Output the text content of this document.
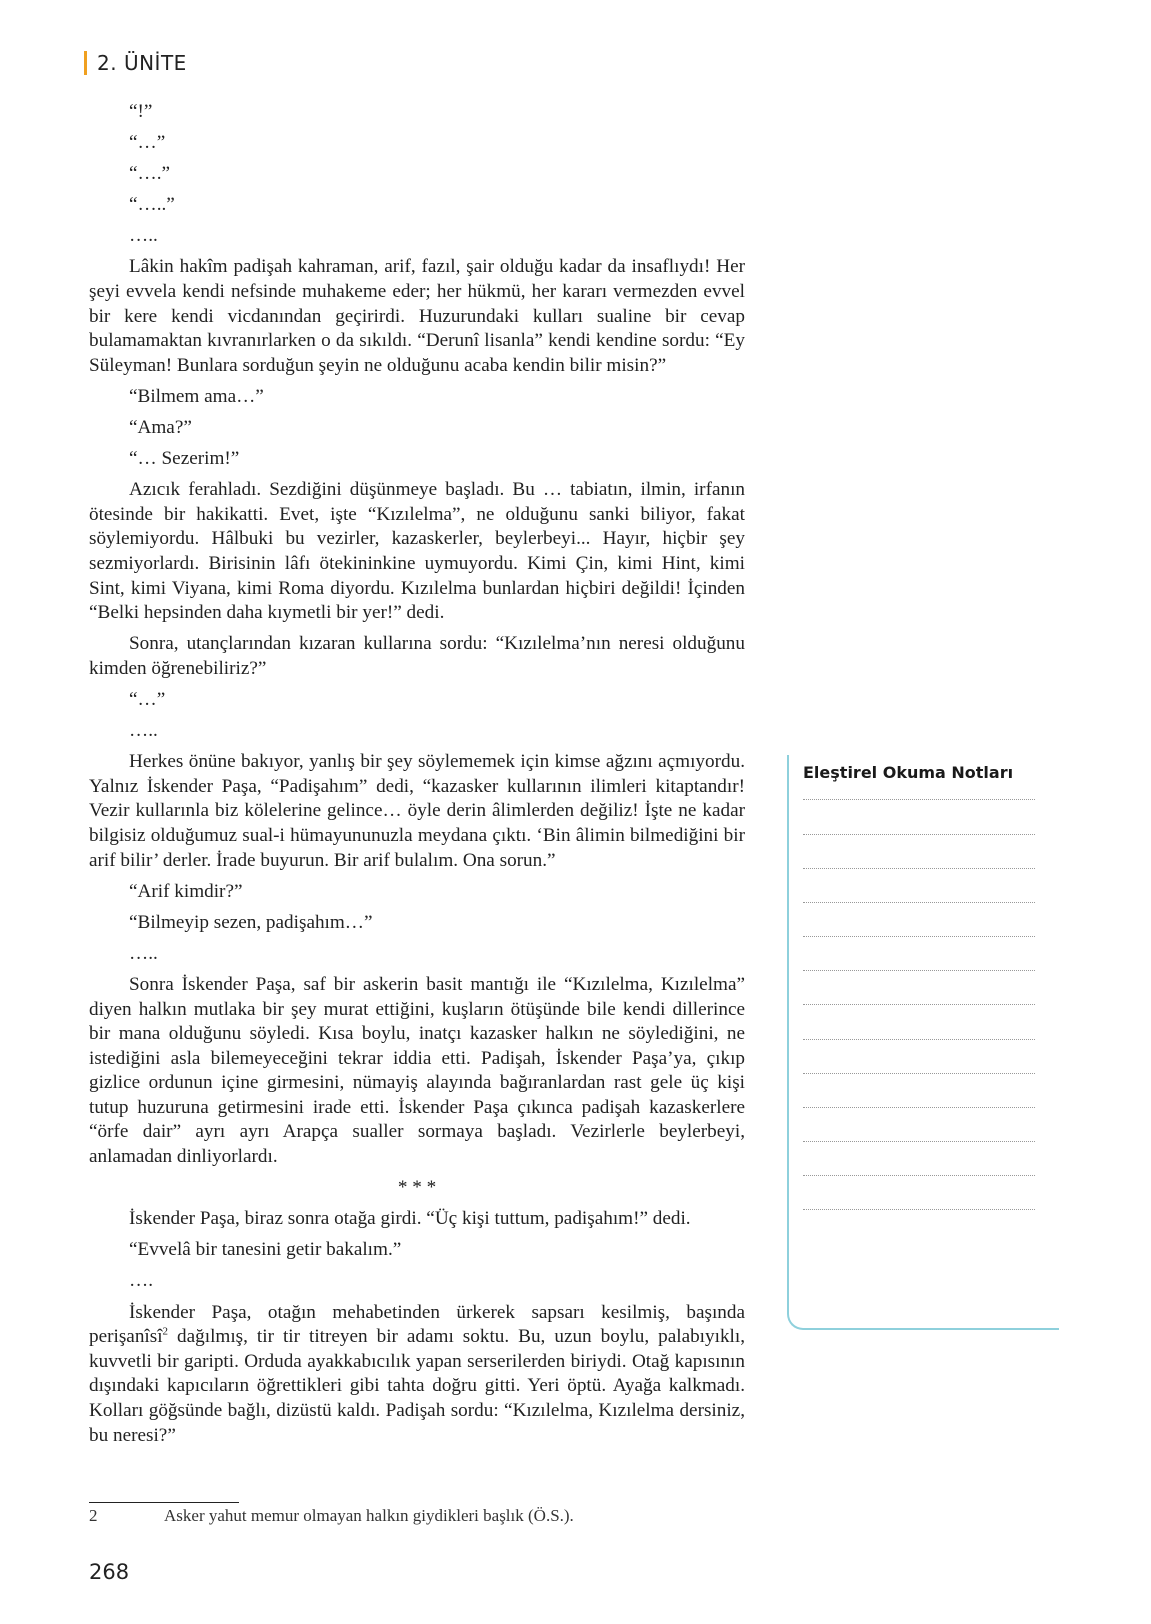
2. ÜNİTE

“!”

“…”

“….”

“…..”

…..

Lâkin hakîm padişah kahraman, arif, fazıl, şair olduğu kadar da insaflıydı! Her şeyi evvela kendi nefsinde muhakeme eder; her hükmü, her kararı vermezden evvel bir kere kendi vicdanından geçirirdi. Huzurundaki kulları sualine bir cevap bulamamaktan kıvranırlarken o da sıkıldı. “Derunî lisanla” kendi kendine sordu: “Ey Süleyman! Bunlara sorduğun şeyin ne olduğunu acaba kendin bilir misin?”

“Bilmem ama…”

“Ama?”

“… Sezerim!”

Azıcık ferahladı. Sezdiğini düşünmeye başladı. Bu … tabiatın, ilmin, irfanın ötesinde bir hakikatti. Evet, işte “Kızılelma”, ne olduğunu sanki biliyor, fakat söylemiyordu. Hâlbuki bu vezirler, kazaskerler, beylerbeyi... Hayır, hiçbir şey sezmiyorlardı. Birisinin lâfı ötekininkine uymuyordu. Kimi Çin, kimi Hint, kimi Sint, kimi Viyana, kimi Roma diyordu. Kızılelma bunlardan hiçbiri değildi! İçinden “Belki hepsinden daha kıymetli bir yer!” dedi.

Sonra, utançlarından kızaran kullarına sordu: “Kızılelma’nın neresi olduğunu kimden öğrenebiliriz?”

“…”

…..

Herkes önüne bakıyor, yanlış bir şey söylememek için kimse ağzını açmıyordu. Yalnız İskender Paşa, “Padişahım” dedi, “kazasker kullarının ilimleri kitaptandır! Vezir kullarınla biz kölelerine gelince… öyle derin âlimlerden değiliz! İşte ne kadar bilgisiz olduğumuz sual-i hümayununuzla meydana çıktı. ‘Bin âlimin bilmediğini bir arif bilir’ derler. İrade buyurun. Bir arif bulalım. Ona sorun.”

“Arif kimdir?”

“Bilmeyip sezen, padişahım…”

…..

Sonra İskender Paşa, saf bir askerin basit mantığı ile “Kızılelma, Kızılelma” diyen halkın mutlaka bir şey murat ettiğini, kuşların ötüşünde bile kendi dillerince bir mana olduğunu söyledi. Kısa boylu, inatçı kazasker halkın ne söylediğini, ne istediğini asla bilemeyeceğini tekrar iddia etti. Padişah, İskender Paşa’ya, çıkıp gizlice ordunun içine girmesini, nümayiş alayında bağıranlardan rast gele üç kişi tutup huzuruna getirmesini irade etti. İskender Paşa çıkınca padişah kazaskerlere “örfe dair” ayrı ayrı Arapça sualler sormaya başladı. Vezirlerle beylerbeyi, anlamadan dinliyorlardı.

* * *

İskender Paşa, biraz sonra otağa girdi. “Üç kişi tuttum, padişahım!” dedi.

“Evvelâ bir tanesini getir bakalım.”

….

İskender Paşa, otağın mehabetinden ürkerek sapsarı kesilmiş, başında perişanîsî$^2$ dağılmış, tir tir titreyen bir adamı soktu. Bu, uzun boylu, palabıyıklı, kuvvetli bir garipti. Orduda ayakkabıcılık yapan serserilerden biriydi. Otağ kapısının dışındaki kapıcıların öğrettikleri gibi tahta doğru gitti. Yeri öptü. Ayağa kalkmadı. Kolları göğsünde bağlı, dizüstü kaldı. Padişah sordu: “Kızılelma, Kızılelma dersiniz, bu neresi?”

2	Asker yahut memur olmayan halkın giydikleri başlık (Ö.S.).
268
Eleştirel Okuma Notları
